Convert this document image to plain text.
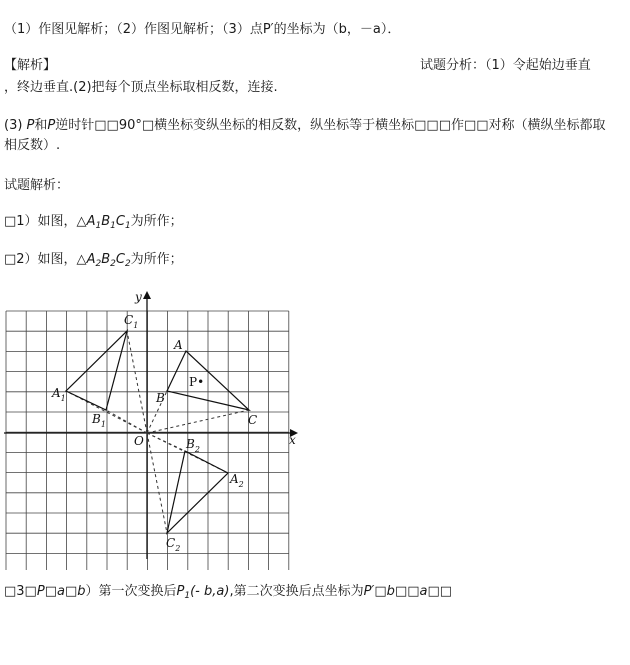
（1）作图见解析；（2）作图见解析；（3）点P′的坐标为（b，－a）．
【解析】	试题分析：（1）令起始边垂直
，终边垂直.(2)把每个顶点坐标取相反数，连接.
(3) P和P逆时针□□90°□横坐标变纵坐标的相反数，纵坐标等于横坐标□□□作□□对称（横纵坐标都取
相反数）.
试题解析：
□1）如图，$\triangle A_1B_1C_1$为所作；
□2）如图，$\triangle A_2B_2C_2$为所作；
x
y
O
A
B
C
P•
$A_1$
$B_1$
$C_1$
$A_2$
$B_2$
$C_2$
□3□P□a□b）第一次变换后$P_1(-$ b,a),第二次变换后点坐标为P′□b□□a□□
